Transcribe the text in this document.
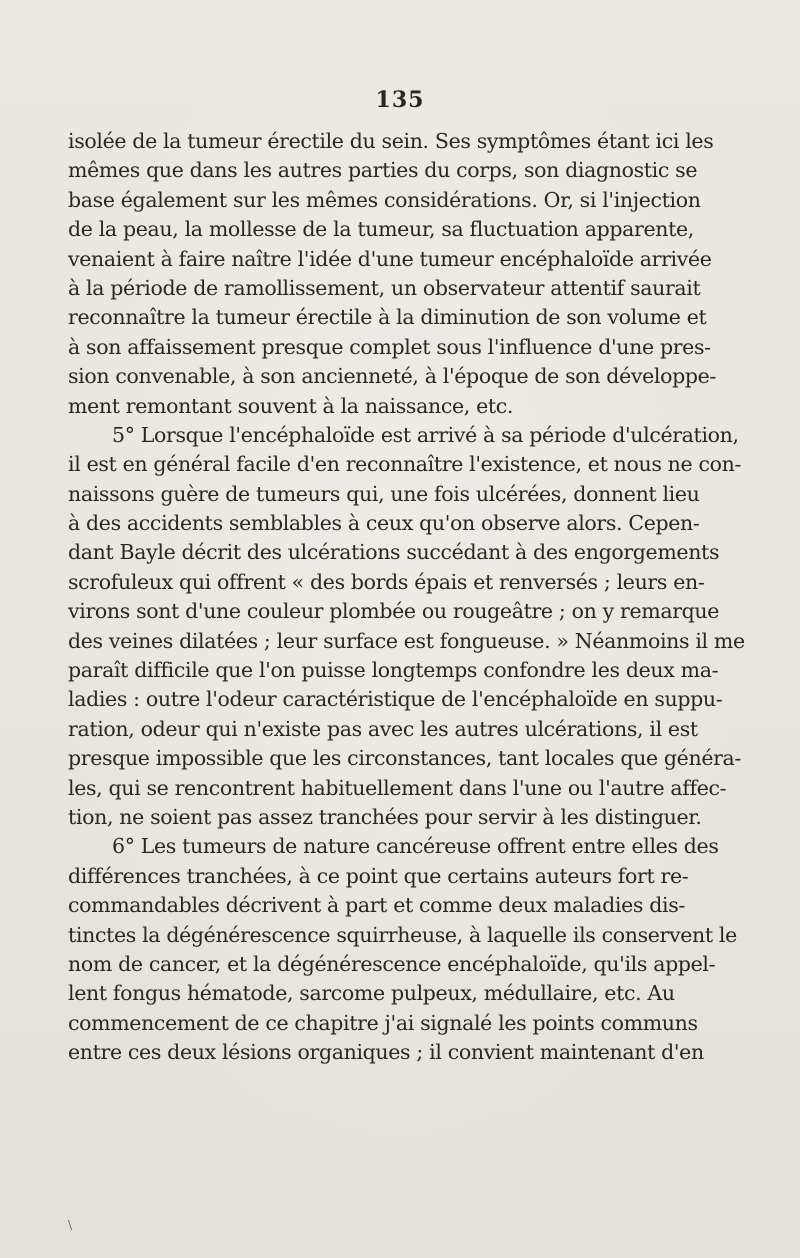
135
isolée de la tumeur érectile du sein. Ses symptômes étant ici les
mêmes que dans les autres parties du corps, son diagnostic se
base également sur les mêmes considérations. Or, si l'injection
de la peau, la mollesse de la tumeur, sa fluctuation apparente,
venaient à faire naître l'idée d'une tumeur encéphaloïde arrivée
à la période de ramollissement, un observateur attentif saurait
reconnaître la tumeur érectile à la diminution de son volume et
à son affaissement presque complet sous l'influence d'une pres-
sion convenable, à son ancienneté, à l'époque de son développe-
ment remontant souvent à la naissance, etc.
5° Lorsque l'encéphaloïde est arrivé à sa période d'ulcération,
il est en général facile d'en reconnaître l'existence, et nous ne con-
naissons guère de tumeurs qui, une fois ulcérées, donnent lieu
à des accidents semblables à ceux qu'on observe alors. Cepen-
dant Bayle décrit des ulcérations succédant à des engorgements
scrofuleux qui offrent « des bords épais et renversés ; leurs en-
virons sont d'une couleur plombée ou rougeâtre ; on y remarque
des veines dilatées ; leur surface est fongueuse. » Néanmoins il me
paraît difficile que l'on puisse longtemps confondre les deux ma-
ladies : outre l'odeur caractéristique de l'encéphaloïde en suppu-
ration, odeur qui n'existe pas avec les autres ulcérations, il est
presque impossible que les circonstances, tant locales que généra-
les, qui se rencontrent habituellement dans l'une ou l'autre affec-
tion, ne soient pas assez tranchées pour servir à les distinguer.
6° Les tumeurs de nature cancéreuse offrent entre elles des
différences tranchées, à ce point que certains auteurs fort re-
commandables décrivent à part et comme deux maladies dis-
tinctes la dégénérescence squirrheuse, à laquelle ils conservent le
nom de cancer, et la dégénérescence encéphaloïde, qu'ils appel-
lent fongus hématode, sarcome pulpeux, médullaire, etc. Au
commencement de ce chapitre j'ai signalé les points communs
entre ces deux lésions organiques ; il convient maintenant d'en
\
